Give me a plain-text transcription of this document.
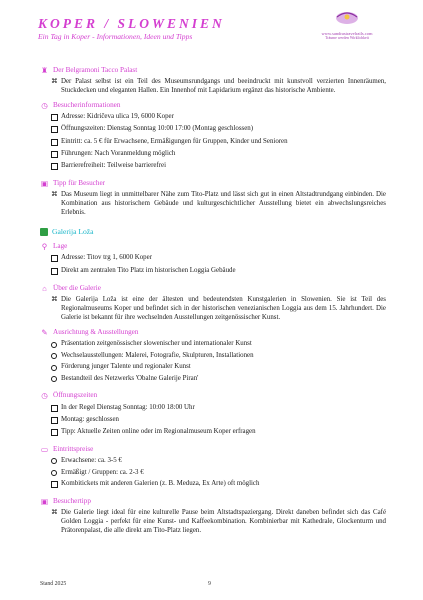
KOPER / SLOWENIEN
Ein Tag in Koper - Informationen, Ideen und Tipps	www.sandrastravelrails.com
Träume werden Wirklichkeit
♜ Der Belgramoni Tacco Palast
⌘ Der Palast selbst ist ein Teil des Museumsrundgangs und beeindruckt mit kunstvoll verzierten Innenräumen, Stuckdecken und eleganten Hallen. Ein Innenhof mit Lapidarium ergänzt das historische Ambiente.
◷ Besucherinformationen
Adresse: Kidričeva ulica 19, 6000 Koper
Öffnungszeiten: Dienstag Sonntag 10:00 17:00 (Montag geschlossen)
Eintritt: ca. 5 € für Erwachsene, Ermäßigungen für Gruppen, Kinder und Senioren
Führungen: Nach Voranmeldung möglich
Barrierefreiheit: Teilweise barrierefrei
▣ Tipp für Besucher
⌘ Das Museum liegt in unmittelbarer Nähe zum Tito-Platz und lässt sich gut in einen Altstadtrundgang einbinden. Die Kombination aus historischem Gebäude und kulturgeschichtlicher Ausstellung bietet ein abwechslungsreiches Erlebnis.
Galerija Loža
⚲ Lage
Adresse: Titov trg 1, 6000 Koper
Direkt am zentralen Tito Platz im historischen Loggia Gebäude
⌂ Über die Galerie
⌘ Die Galerija Loža ist eine der ältesten und bedeutendsten Kunstgalerien in Slowenien. Sie ist Teil des Regionalmuseums Koper und befindet sich in der historischen venezianischen Loggia aus dem 15. Jahrhundert. Die Galerie ist bekannt für ihre wechselnden Ausstellungen zeitgenössischer Kunst.
✎ Ausrichtung & Ausstellungen
Präsentation zeitgenössischer slowenischer und internationaler Kunst
Wechselausstellungen: Malerei, Fotografie, Skulpturen, Installationen
Förderung junger Talente und regionaler Kunst
Bestandteil des Netzwerks 'Obalne Galerije Piran'
◷ Öffnungszeiten
In der Regel Dienstag Sonntag: 10:00 18:00 Uhr
Montag: geschlossen
Tipp: Aktuelle Zeiten online oder im Regionalmuseum Koper erfragen
▭ Eintrittspreise
Erwachsene: ca. 3-5 €
Ermäßigt / Gruppen: ca. 2-3 €
Kombitickets mit anderen Galerien (z. B. Meduza, Ex Arte) oft möglich
▣ Besuchertipp
⌘ Die Galerie liegt ideal für eine kulturelle Pause beim Altstadtspaziergang. Direkt daneben befindet sich das Café Golden Loggia - perfekt für eine Kunst- und Kaffeekombination. Kombinierbar mit Kathedrale, Glockenturm und Prätorenpalast, die alle direkt am Tito-Platz liegen.
Stand 2025	9
